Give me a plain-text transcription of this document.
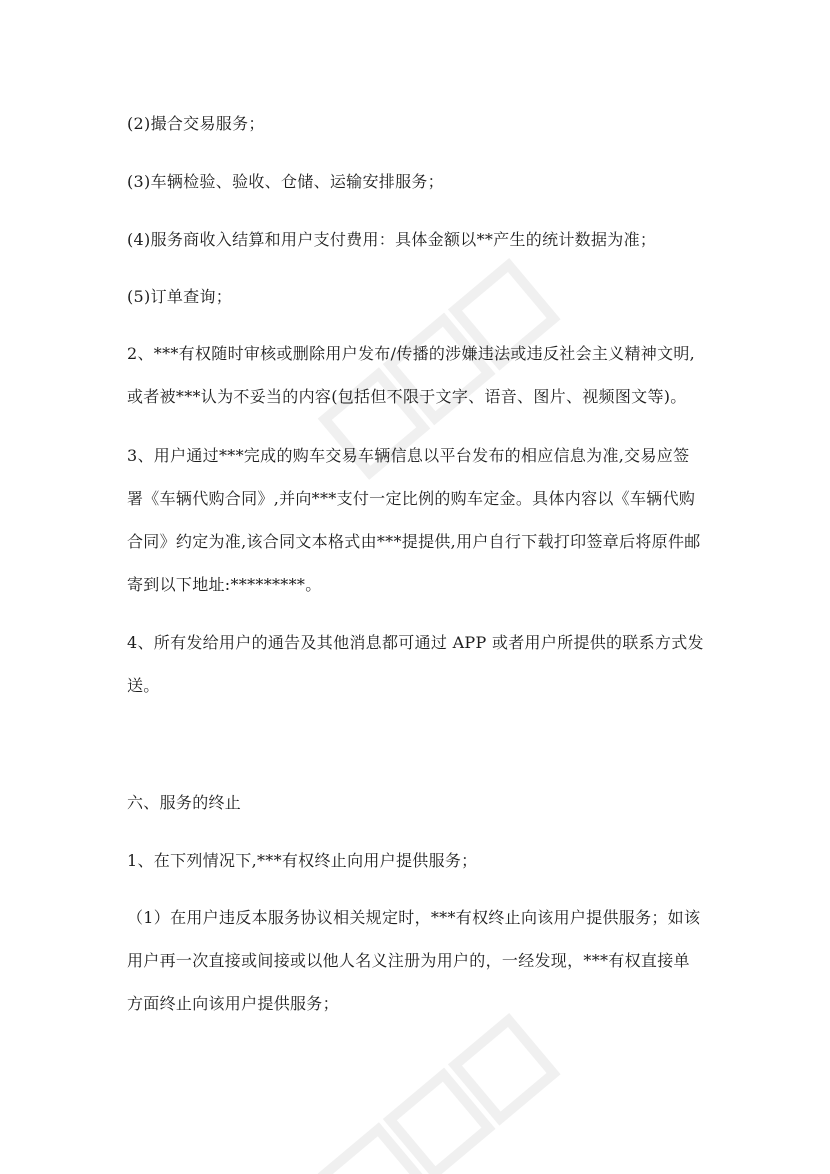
(2)撮合交易服务；
(3)车辆检验、验收、仓储、运输安排服务；
(4)服务商收入结算和用户支付费用：具体金额以**产生的统计数据为准；
(5)订单查询；
2、***有权随时审核或删除用户发布/传播的涉嫌违法或违反社会主义精神文明,
或者被***认为不妥当的内容(包括但不限于文字、语音、图片、视频图文等)。
3、用户通过***完成的购车交易车辆信息以平台发布的相应信息为准,交易应签
署《车辆代购合同》,并向***支付一定比例的购车定金。具体内容以《车辆代购
合同》约定为准,该合同文本格式由***提提供,用户自行下载打印签章后将原件邮
寄到以下地址:*********。
4、所有发给用户的通告及其他消息都可通过 APP 或者用户所提供的联系方式发
送。
六、服务的终止
1、在下列情况下,***有权终止向用户提供服务；
（1）在用户违反本服务协议相关规定时，***有权终止向该用户提供服务；如该
用户再一次直接或间接或以他人名义注册为用户的，一经发现，***有权直接单
方面终止向该用户提供服务；
